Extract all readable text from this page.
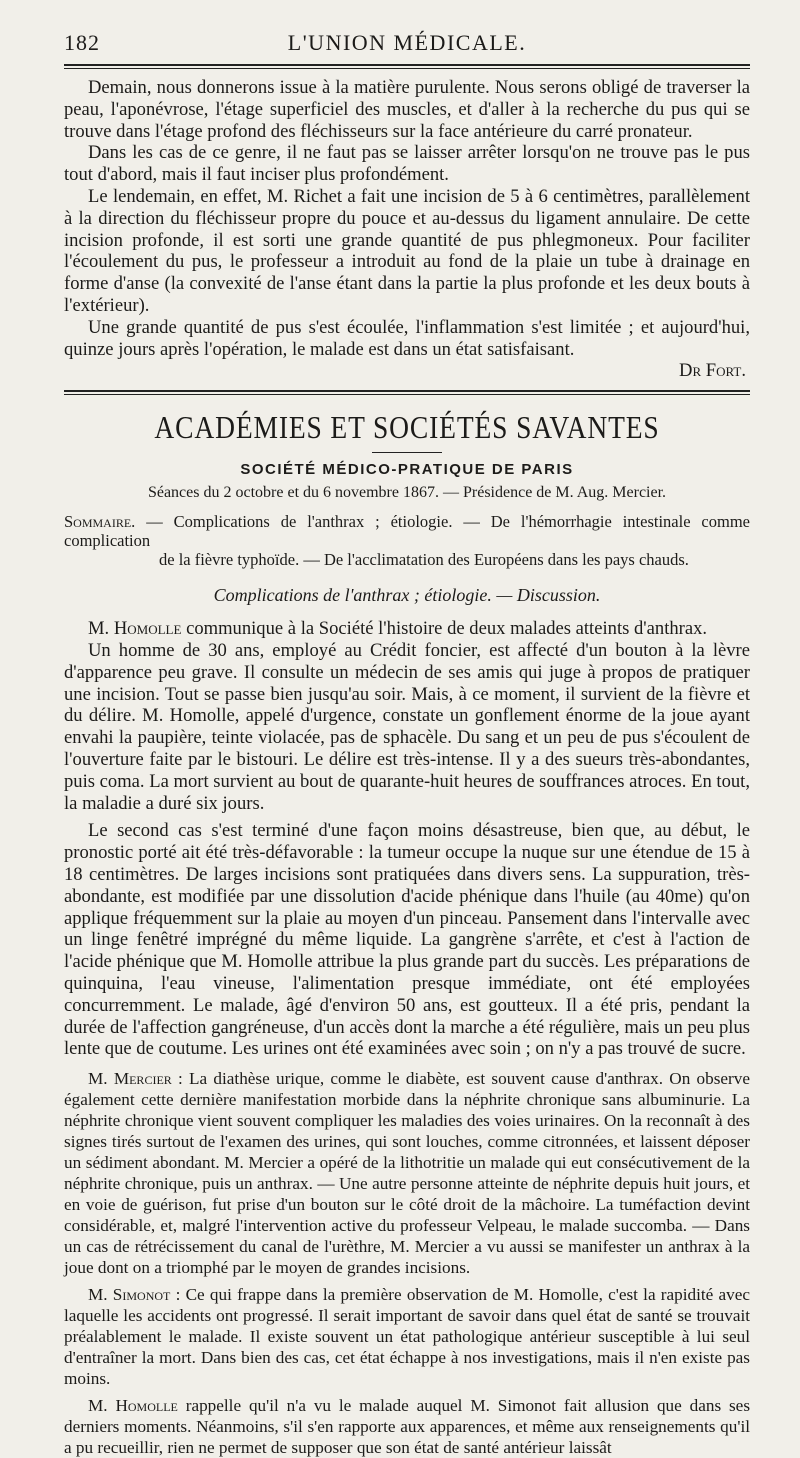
182	L'UNION MÉDICALE.

Demain, nous donnerons issue à la matière purulente. Nous serons obligé de traverser la peau, l'aponévrose, l'étage superficiel des muscles, et d'aller à la recherche du pus qui se trouve dans l'étage profond des fléchisseurs sur la face antérieure du carré pronateur.

Dans les cas de ce genre, il ne faut pas se laisser arrêter lorsqu'on ne trouve pas le pus tout d'abord, mais il faut inciser plus profondément.

Le lendemain, en effet, M. Richet a fait une incision de 5 à 6 centimètres, parallèlement à la direction du fléchisseur propre du pouce et au-dessus du ligament annulaire. De cette incision profonde, il est sorti une grande quantité de pus phlegmoneux. Pour faciliter l'écoulement du pus, le professeur a introduit au fond de la plaie un tube à drainage en forme d'anse (la convexité de l'anse étant dans la partie la plus profonde et les deux bouts à l'extérieur).

Une grande quantité de pus s'est écoulée, l'inflammation s'est limitée ; et aujourd'hui, quinze jours après l'opération, le malade est dans un état satisfaisant.

Dr Fort.
ACADÉMIES ET SOCIÉTÉS SAVANTES
SOCIÉTÉ MÉDICO-PRATIQUE DE PARIS
Séances du 2 octobre et du 6 novembre 1867. — Présidence de M. Aug. Mercier.
Sommaire. — Complications de l'anthrax ; étiologie. — De l'hémorrhagie intestinale comme complication
de la fièvre typhoïde. — De l'acclimatation des Européens dans les pays chauds.
Complications de l'anthrax ; étiologie. — Discussion.

M. Homolle communique à la Société l'histoire de deux malades atteints d'anthrax.

Un homme de 30 ans, employé au Crédit foncier, est affecté d'un bouton à la lèvre d'apparence peu grave. Il consulte un médecin de ses amis qui juge à propos de pratiquer une incision. Tout se passe bien jusqu'au soir. Mais, à ce moment, il survient de la fièvre et du délire. M. Homolle, appelé d'urgence, constate un gonflement énorme de la joue ayant envahi la paupière, teinte violacée, pas de sphacèle. Du sang et un peu de pus s'écoulent de l'ouverture faite par le bistouri. Le délire est très-intense. Il y a des sueurs très-abondantes, puis coma. La mort survient au bout de quarante-huit heures de souffrances atroces. En tout, la maladie a duré six jours.

Le second cas s'est terminé d'une façon moins désastreuse, bien que, au début, le pronostic porté ait été très-défavorable : la tumeur occupe la nuque sur une étendue de 15 à 18 centimètres. De larges incisions sont pratiquées dans divers sens. La suppuration, très-abondante, est modifiée par une dissolution d'acide phénique dans l'huile (au 40me) qu'on applique fréquemment sur la plaie au moyen d'un pinceau. Pansement dans l'intervalle avec un linge fenêtré imprégné du même liquide. La gangrène s'arrête, et c'est à l'action de l'acide phénique que M. Homolle attribue la plus grande part du succès. Les préparations de quinquina, l'eau vineuse, l'alimentation presque immédiate, ont été employées concurremment. Le malade, âgé d'environ 50 ans, est goutteux. Il a été pris, pendant la durée de l'affection gangréneuse, d'un accès dont la marche a été régulière, mais un peu plus lente que de coutume. Les urines ont été examinées avec soin ; on n'y a pas trouvé de sucre.

M. Mercier : La diathèse urique, comme le diabète, est souvent cause d'anthrax. On observe également cette dernière manifestation morbide dans la néphrite chronique sans albuminurie. La néphrite chronique vient souvent compliquer les maladies des voies urinaires. On la reconnaît à des signes tirés surtout de l'examen des urines, qui sont louches, comme citronnées, et laissent déposer un sédiment abondant. M. Mercier a opéré de la lithotritie un malade qui eut consécutivement de la néphrite chronique, puis un anthrax. — Une autre personne atteinte de néphrite depuis huit jours, et en voie de guérison, fut prise d'un bouton sur le côté droit de la mâchoire. La tuméfaction devint considérable, et, malgré l'intervention active du professeur Velpeau, le malade succomba. — Dans un cas de rétrécissement du canal de l'urèthre, M. Mercier a vu aussi se manifester un anthrax à la joue dont on a triomphé par le moyen de grandes incisions.

M. Simonot : Ce qui frappe dans la première observation de M. Homolle, c'est la rapidité avec laquelle les accidents ont progressé. Il serait important de savoir dans quel état de santé se trouvait préalablement le malade. Il existe souvent un état pathologique antérieur susceptible à lui seul d'entraîner la mort. Dans bien des cas, cet état échappe à nos investigations, mais il n'en existe pas moins.

M. Homolle rappelle qu'il n'a vu le malade auquel M. Simonot fait allusion que dans ses derniers moments. Néanmoins, s'il s'en rapporte aux apparences, et même aux renseignements qu'il a pu recueillir, rien ne permet de supposer que son état de santé antérieur laissât
